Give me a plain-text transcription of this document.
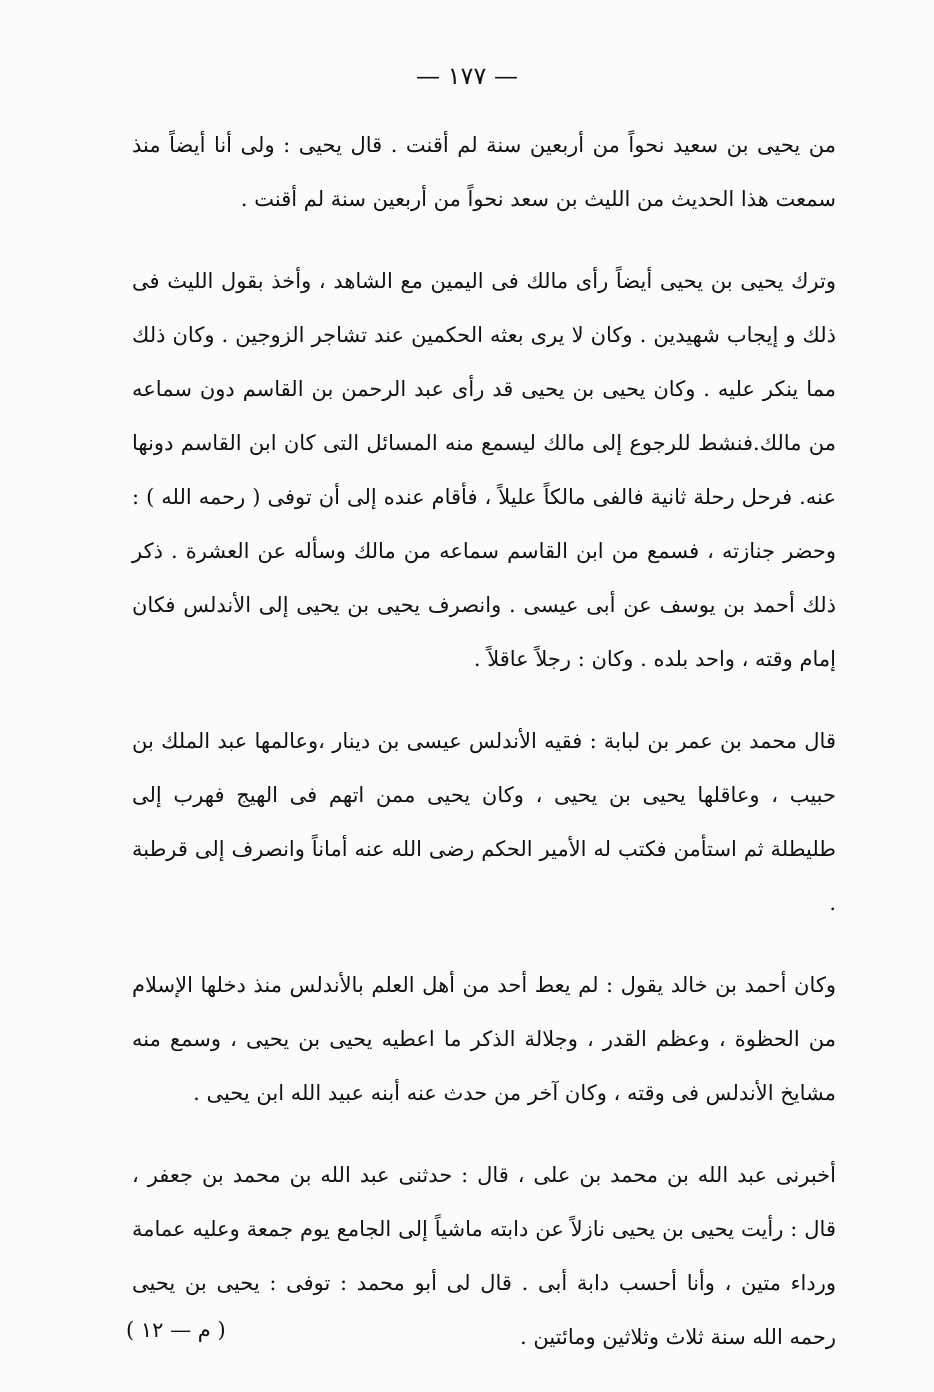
— ١٧٧ —

من يحيى بن سعيد نحواً من أربعين سنة لم أقنت . قال يحيى : ولى أنا أيضاً منذ سمعت هذا الحديث من الليث بن سعد نحواً من أربعين سنة لم أقنت .

وترك يحيى بن يحيى أيضاً رأى مالك فى اليمين مع الشاهد ، وأخذ بقول الليث فى ذلك و إيجاب شهيدين . وكان لا يرى بعثه الحكمين عند تشاجر الزوجين . وكان ذلك مما ينكر عليه . وكان يحيى بن يحيى قد رأى عبد الرحمن بن القاسم دون سماعه من مالك.فنشط للرجوع إلى مالك ليسمع منه المسائل التى كان ابن القاسم دونها عنه. فرحل رحلة ثانية فالفى مالكاً عليلاً ، فأقام عنده إلى أن توفى ( رحمه الله ) : وحضر جنازته ، فسمع من ابن القاسم سماعه من مالك وسأله عن العشرة . ذكر ذلك أحمد بن يوسف عن أبى عيسى . وانصرف يحيى بن يحيى إلى الأندلس فكان إمام وقته ، واحد بلده . وكان : رجلاً عاقلاً .

قال محمد بن عمر بن لبابة : فقيه الأندلس عيسى بن دينار ،وعالمها عبد الملك بن حبيب ، وعاقلها يحيى بن يحيى ، وكان يحيى ممن اتهم فى الهيج فهرب إلى طليطلة ثم استأمن فكتب له الأمير الحكم رضى الله عنه أماناً وانصرف إلى قرطبة .

وكان أحمد بن خالد يقول : لم يعط أحد من أهل العلم بالأندلس منذ دخلها الإسلام من الحظوة ، وعظم القدر ، وجلالة الذكر ما اعطيه يحيى بن يحيى ، وسمع منه مشايخ الأندلس فى وقته ، وكان آخر من حدث عنه أبنه عبيد الله ابن يحيى .

أخبرنى عبد الله بن محمد بن على ، قال : حدثنى عبد الله بن محمد بن جعفر ، قال : رأيت يحيى بن يحيى نازلاً عن دابته ماشياً إلى الجامع يوم جمعة وعليه عمامة ورداء متين ، وأنا أحسب دابة أبى . قال لى أبو محمد : توفى : يحيى بن يحيى رحمه الله سنة ثلاث وثلاثين ومائتين .

( م — ١٢ )
